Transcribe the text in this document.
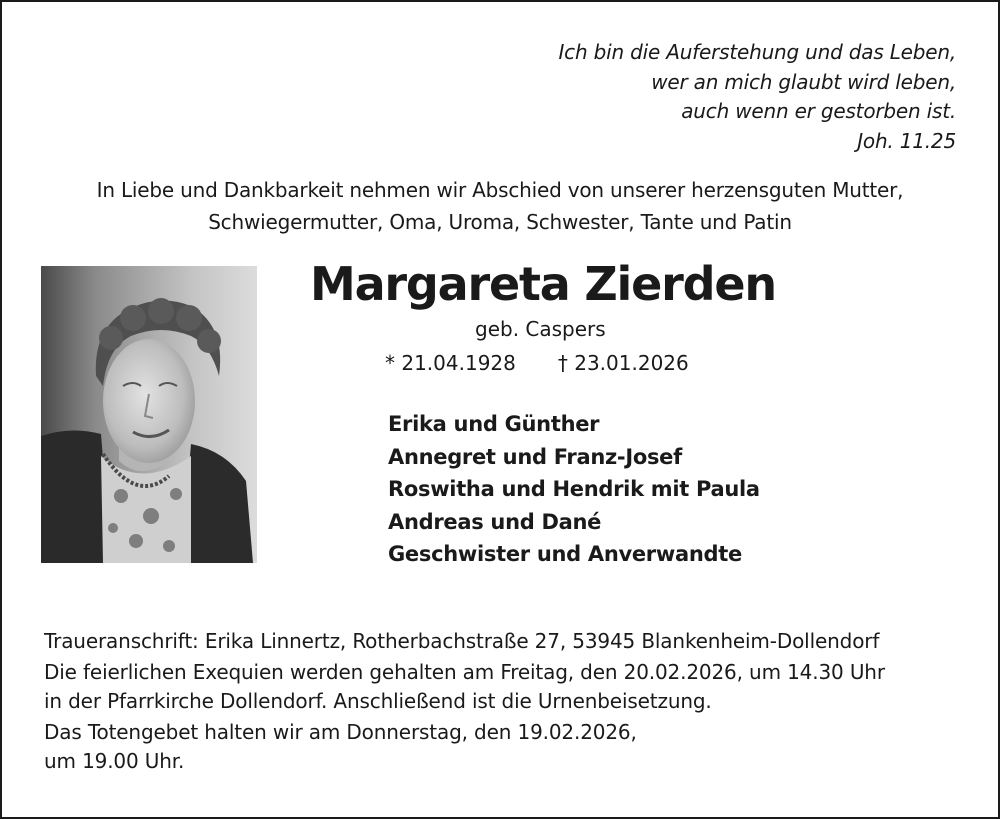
Ich bin die Auferstehung und das Leben,
wer an mich glaubt wird leben,
auch wenn er gestorben ist.
Joh. 11.25
In Liebe und Dankbarkeit nehmen wir Abschied von unserer herzensguten Mutter,
Schwiegermutter, Oma, Uroma, Schwester, Tante und Patin
Margareta Zierden
geb. Caspers
* 21.04.1928 † 23.01.2026
Erika und Günther
Annegret und Franz-Josef
Roswitha und Hendrik mit Paula
Andreas und Dané
Geschwister und Anverwandte
Traueranschrift: Erika Linnertz, Rotherbachstraße 27, 53945 Blankenheim-Dollendorf
Die feierlichen Exequien werden gehalten am Freitag, den 20.02.2026, um 14.30 Uhr
in der Pfarrkirche Dollendorf. Anschließend ist die Urnenbeisetzung.
Das Totengebet halten wir am Donnerstag, den 19.02.2026,
um 19.00 Uhr.
